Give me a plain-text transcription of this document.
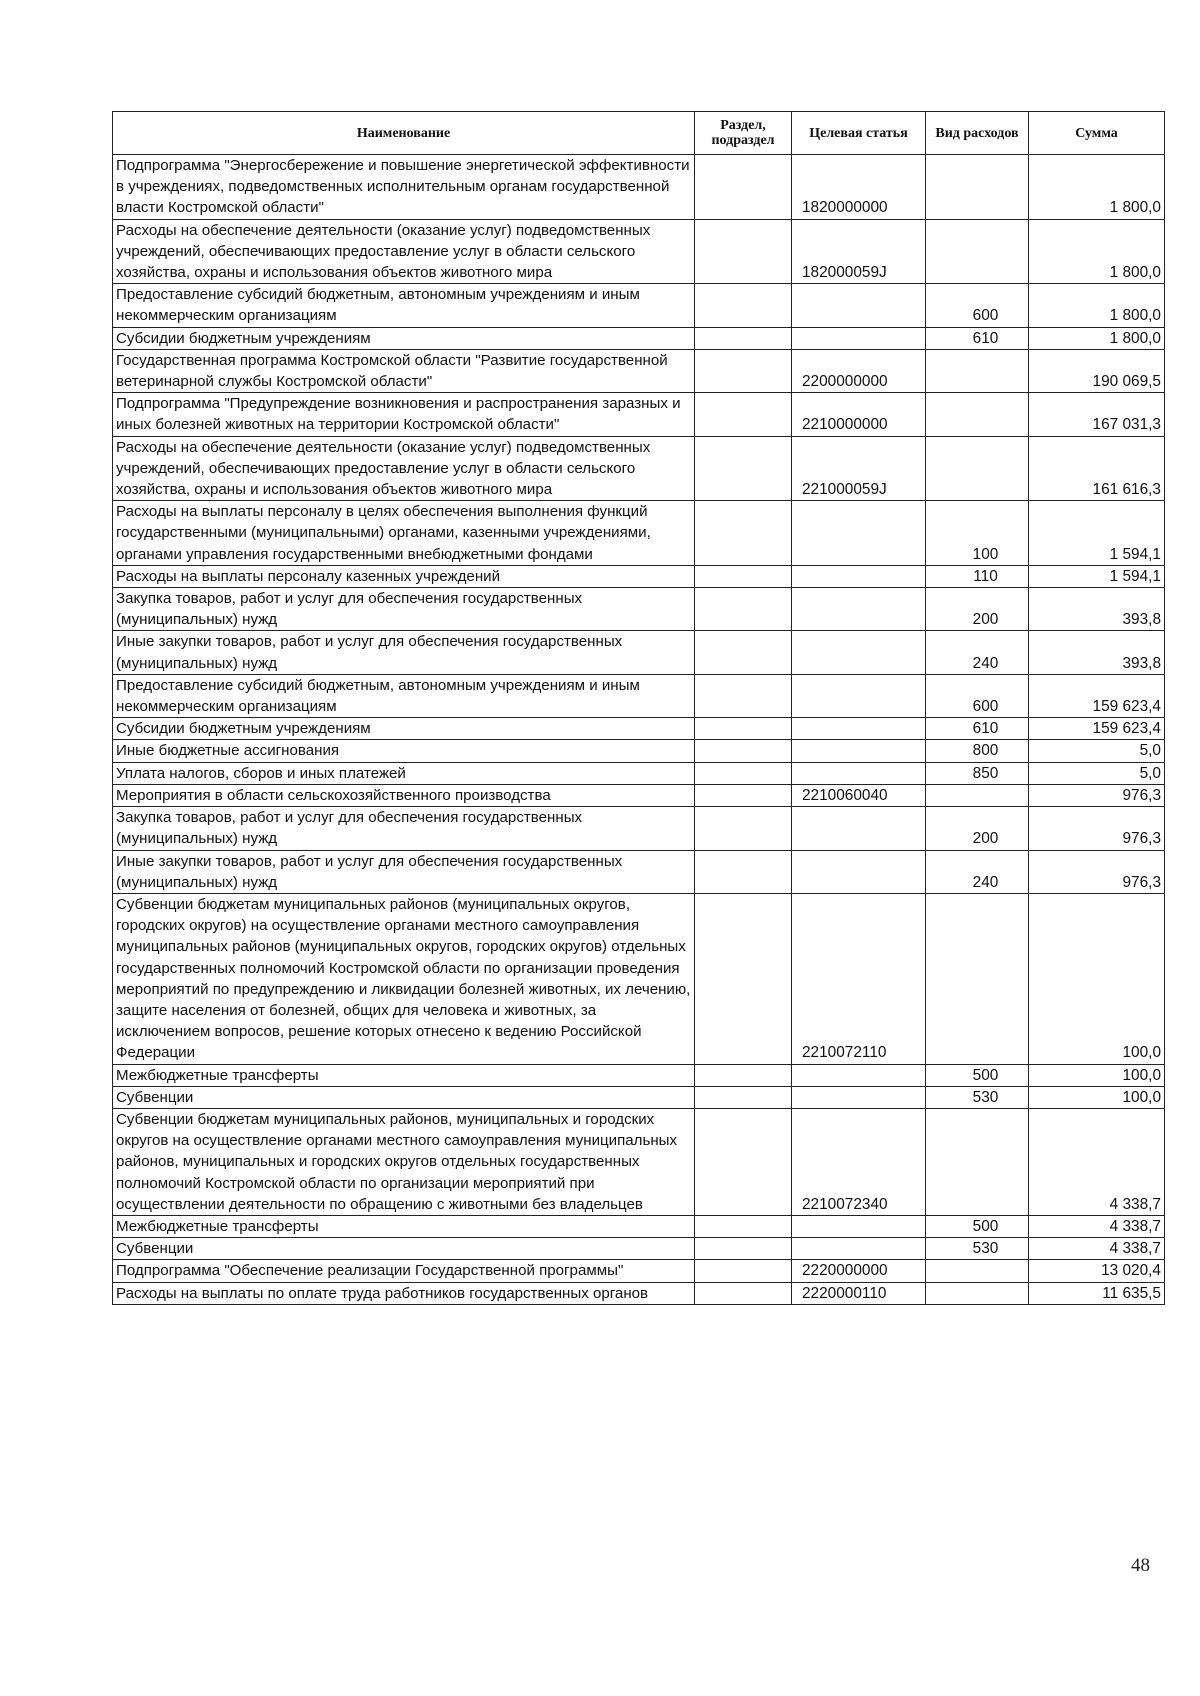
Наименование	Раздел, подраздел	Целевая статья	Вид расходов	Сумма
Подпрограмма "Энергосбережение и повышение энергетической эффективности в учреждениях, подведомственных исполнительным органам государственной власти Костромской области"		1820000000		1 800,0
Расходы на обеспечение деятельности (оказание услуг) подведомственных учреждений, обеспечивающих предоставление услуг в области сельского хозяйства, охраны и использования объектов животного мира		182000059J		1 800,0
Предоставление субсидий бюджетным, автономным учреждениям и иным некоммерческим организациям			600	1 800,0
Субсидии бюджетным учреждениям			610	1 800,0
Государственная программа Костромской области "Развитие государственной ветеринарной службы Костромской области"		2200000000		190 069,5
Подпрограмма "Предупреждение возникновения и распространения заразных и иных болезней животных на территории Костромской области"		2210000000		167 031,3
Расходы на обеспечение деятельности (оказание услуг) подведомственных учреждений, обеспечивающих предоставление услуг в области сельского хозяйства, охраны и использования объектов животного мира		221000059J		161 616,3
Расходы на выплаты персоналу в целях обеспечения выполнения функций государственными (муниципальными) органами, казенными учреждениями, органами управления государственными внебюджетными фондами			100	1 594,1
Расходы на выплаты персоналу казенных учреждений			110	1 594,1
Закупка товаров, работ и услуг для обеспечения государственных (муниципальных) нужд			200	393,8
Иные закупки товаров, работ и услуг для обеспечения государственных (муниципальных) нужд			240	393,8
Предоставление субсидий бюджетным, автономным учреждениям и иным некоммерческим организациям			600	159 623,4
Субсидии бюджетным учреждениям			610	159 623,4
Иные бюджетные ассигнования			800	5,0
Уплата налогов, сборов и иных платежей			850	5,0
Мероприятия в области сельскохозяйственного производства		2210060040		976,3
Закупка товаров, работ и услуг для обеспечения государственных (муниципальных) нужд			200	976,3
Иные закупки товаров, работ и услуг для обеспечения государственных (муниципальных) нужд			240	976,3
Субвенции бюджетам муниципальных районов (муниципальных округов, городских округов) на осуществление органами местного самоуправления муниципальных районов (муниципальных округов, городских округов) отдельных государственных полномочий Костромской области по организации проведения мероприятий по предупреждению и ликвидации болезней животных, их лечению, защите населения от болезней, общих для человека и животных, за исключением вопросов, решение которых отнесено к ведению Российской Федерации		2210072110		100,0
Межбюджетные трансферты			500	100,0
Субвенции			530	100,0
Субвенции бюджетам муниципальных районов, муниципальных и городских округов на осуществление органами местного самоуправления муниципальных районов, муниципальных и городских округов отдельных государственных полномочий Костромской области по организации мероприятий при осуществлении деятельности по обращению с животными без владельцев		2210072340		4 338,7
Межбюджетные трансферты			500	4 338,7
Субвенции			530	4 338,7
Подпрограмма "Обеспечение реализации Государственной программы"		2220000000		13 020,4
Расходы на выплаты по оплате труда работников государственных органов		2220000110		11 635,5
48
